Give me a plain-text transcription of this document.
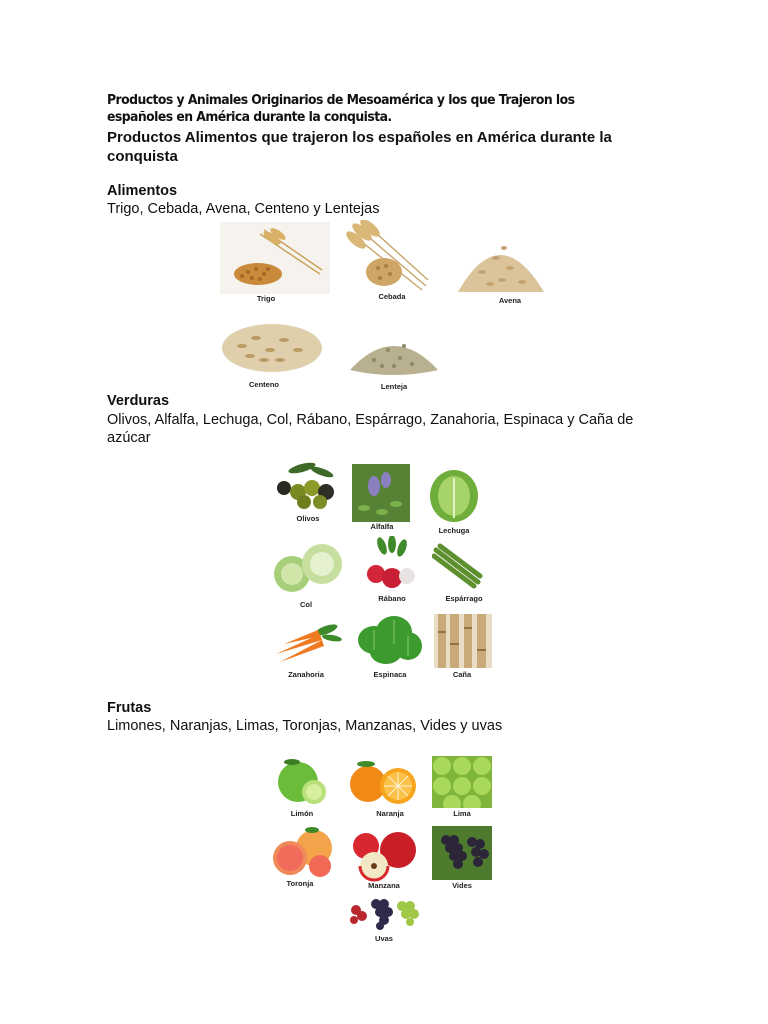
Productos y Animales Originarios de Mesoamérica y los que Trajeron los españoles en América durante la conquista.
Productos Alimentos que trajeron los españoles en América durante la conquista
Alimentos
Trigo, Cebada, Avena, Centeno y Lentejas
Trigo	Cebada	Avena
Centeno	Lenteja
Verduras
Olivos, Alfalfa, Lechuga, Col, Rábano, Espárrago, Zanahoria, Espinaca y Caña de azúcar
Olivos
Alfalfa	Lechuga
Col
Rábano	Espárrago
Zanahoria	Espinaca	Caña
Frutas
Limones, Naranjas, Limas, Toronjas, Manzanas, Vides y uvas
Limón	Naranja	Lima
Toronja	Manzana	Vides
Uvas
